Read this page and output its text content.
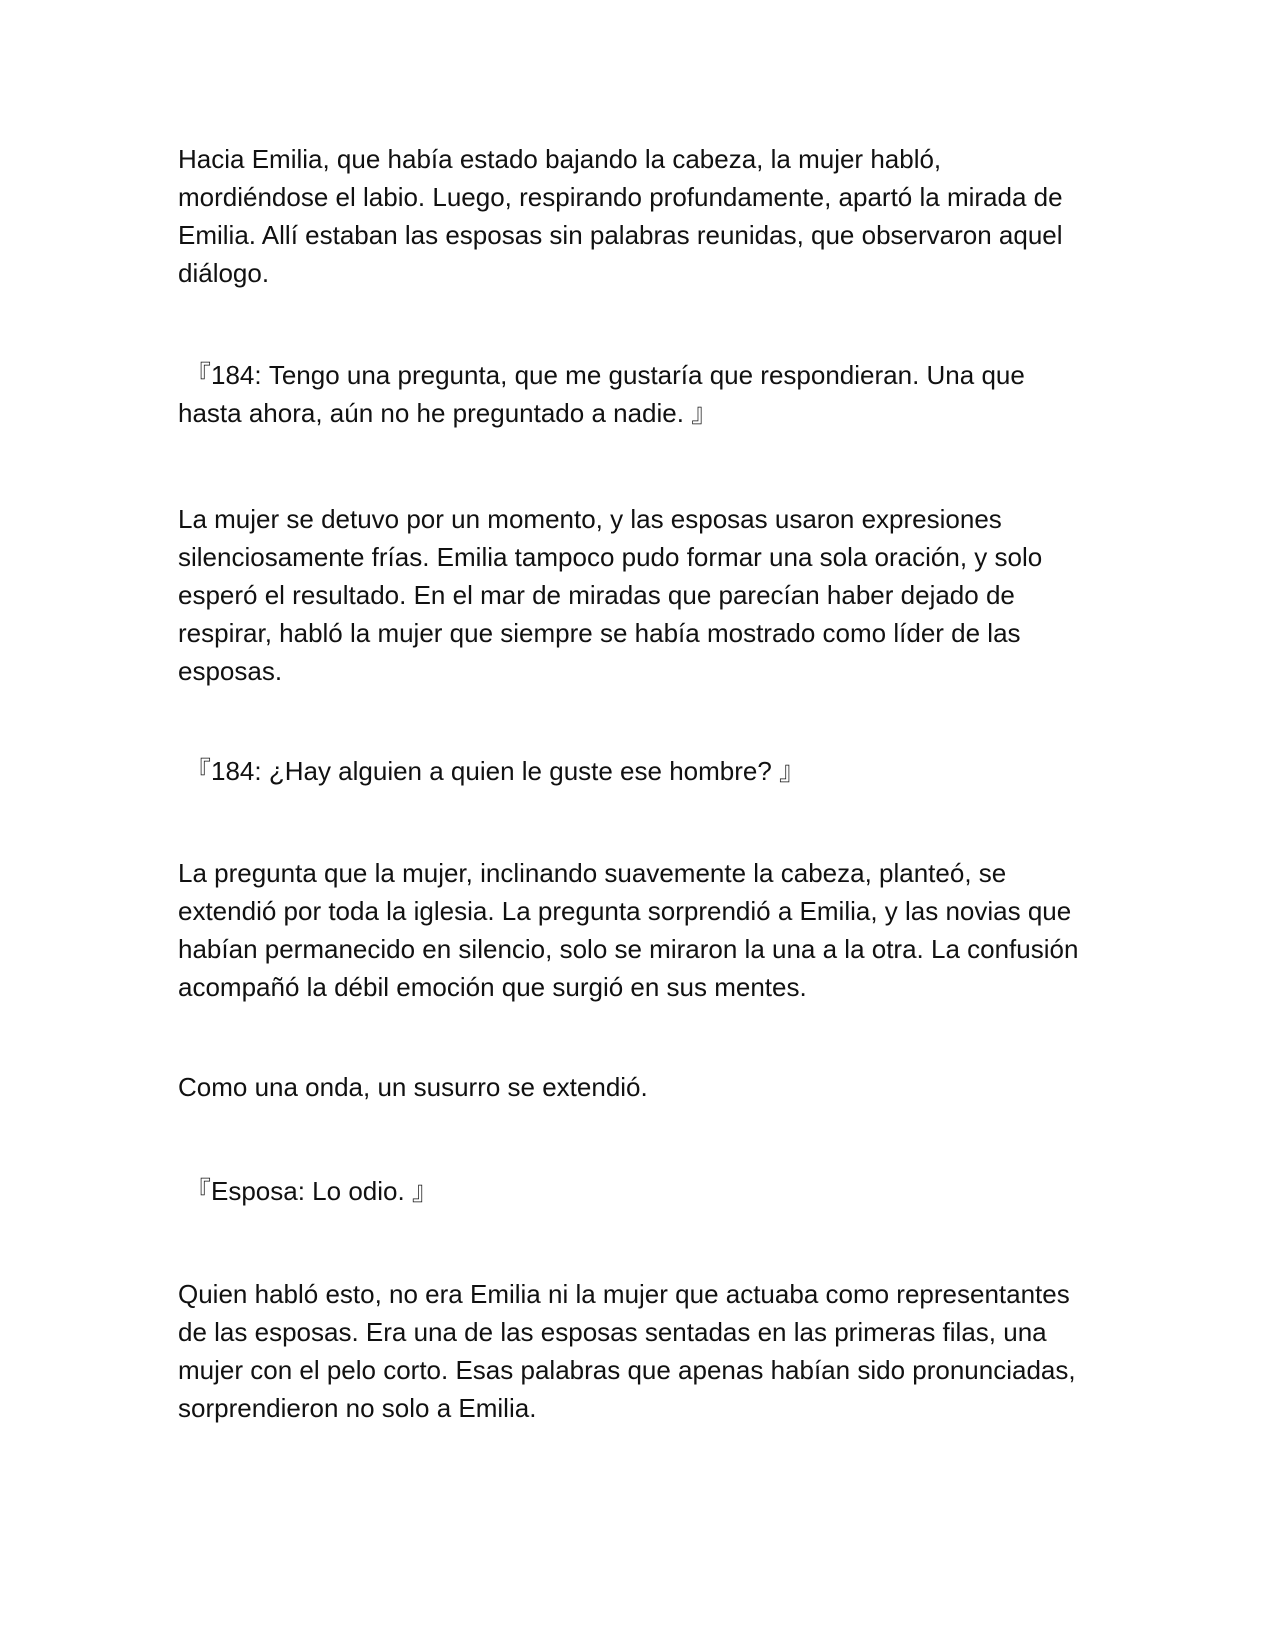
Hacia Emilia, que había estado bajando la cabeza, la mujer habló,
mordiéndose el labio. Luego, respirando profundamente, apartó la mirada de
Emilia. Allí estaban las esposas sin palabras reunidas, que observaron aquel
diálogo.

『184: Tengo una pregunta, que me gustaría que respondieran. Una que

hasta ahora, aún no he preguntado a nadie. 』

La mujer se detuvo por un momento, y las esposas usaron expresiones
silenciosamente frías. Emilia tampoco pudo formar una sola oración, y solo
esperó el resultado. En el mar de miradas que parecían haber dejado de
respirar, habló la mujer que siempre se había mostrado como líder de las
esposas.

『184: ¿Hay alguien a quien le guste ese hombre? 』

La pregunta que la mujer, inclinando suavemente la cabeza, planteó, se
extendió por toda la iglesia. La pregunta sorprendió a Emilia, y las novias que
habían permanecido en silencio, solo se miraron la una a la otra. La confusión
acompañó la débil emoción que surgió en sus mentes.

Como una onda, un susurro se extendió.

『Esposa: Lo odio. 』

Quien habló esto, no era Emilia ni la mujer que actuaba como representantes
de las esposas. Era una de las esposas sentadas en las primeras filas, una
mujer con el pelo corto. Esas palabras que apenas habían sido pronunciadas,
sorprendieron no solo a Emilia.
